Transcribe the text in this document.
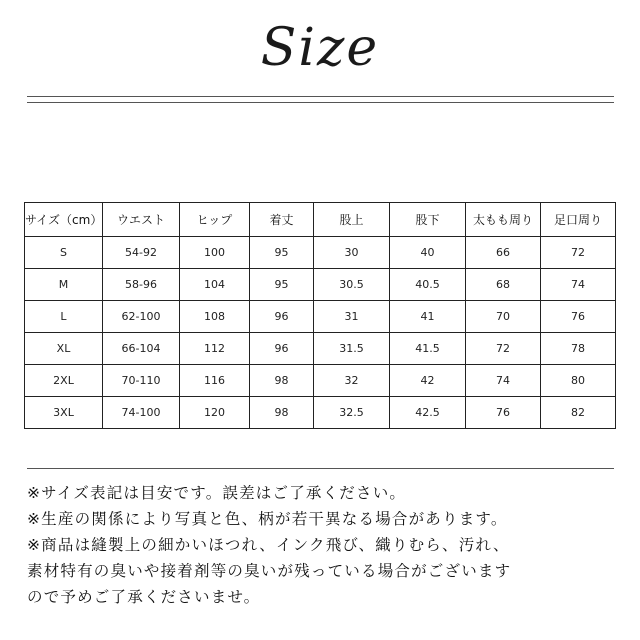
Size
サイズ（cm）	ウエスト	ヒップ	着丈	股上	股下	太もも周り	足口周り
S	54-92	100	95	30	40	66	72
M	58-96	104	95	30.5	40.5	68	74
L	62-100	108	96	31	41	70	76
XL	66-104	112	96	31.5	41.5	72	78
2XL	70-110	116	98	32	42	74	80
3XL	74-100	120	98	32.5	42.5	76	82
※サイズ表記は目安です。誤差はご了承ください。
※生産の関係により写真と色、柄が若干異なる場合があります。
※商品は縫製上の細かいほつれ、インク飛び、織りむら、汚れ、
素材特有の臭いや接着剤等の臭いが残っている場合がございます
ので予めご了承くださいませ。
